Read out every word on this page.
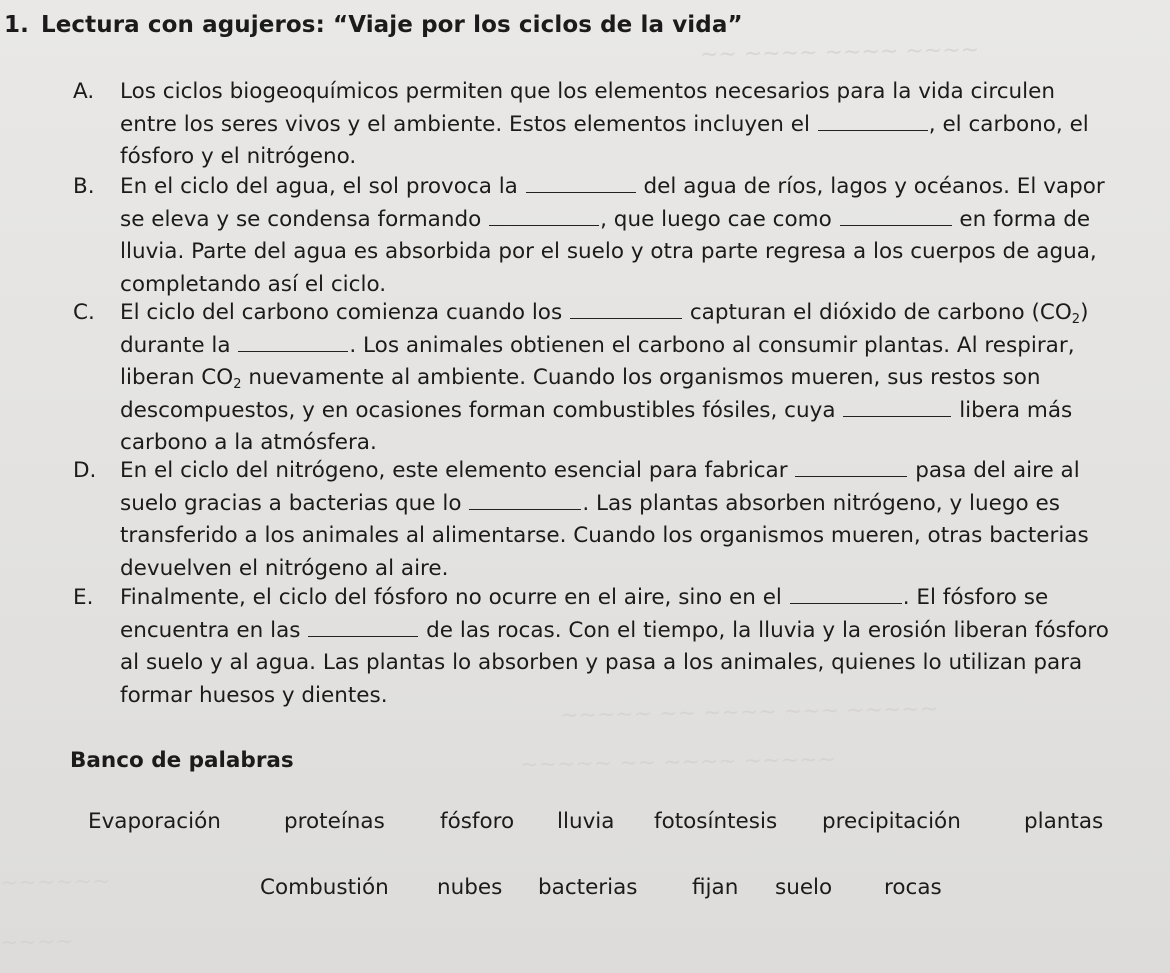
~~ ~~~~ ~~~~ ~~~~
~~~~~ ~~ ~~~~ ~~~ ~~~~~
~~~~~ ~~ ~~~~ ~~~~~
~~~~~~
~~~~
1. Lectura con agujeros: “Viaje por los ciclos de la vida”
A. Los ciclos biogeoquímicos permiten que los elementos necesarios para la vida circulen
entre los seres vivos y el ambiente. Estos elementos incluyen el	, el carbono, el
fósforo y el nitrógeno.
B. En el ciclo del agua, el sol provoca la	del agua de ríos, lagos y océanos. El vapor
se eleva y se condensa formando	, que luego cae como	en forma de
lluvia. Parte del agua es absorbida por el suelo y otra parte regresa a los cuerpos de agua,
completando así el ciclo.
C. El ciclo del carbono comienza cuando los	capturan el dióxido de carbono $(CO_2)$
durante la	. Los animales obtienen el carbono al consumir plantas. Al respirar,
liberan $CO_2$ nuevamente al ambiente. Cuando los organismos mueren, sus restos son
descompuestos, y en ocasiones forman combustibles fósiles, cuya	libera más
carbono a la atmósfera.
D. En el ciclo del nitrógeno, este elemento esencial para fabricar	pasa del aire al
suelo gracias a bacterias que lo	. Las plantas absorben nitrógeno, y luego es
transferido a los animales al alimentarse. Cuando los organismos mueren, otras bacterias
devuelven el nitrógeno al aire.
E. Finalmente, el ciclo del fósforo no ocurre en el aire, sino en el	. El fósforo se
encuentra en las	de las rocas. Con el tiempo, la lluvia y la erosión liberan fósforo
al suelo y al agua. Las plantas lo absorben y pasa a los animales, quienes lo utilizan para
formar huesos y dientes.
Banco de palabras
Evaporación	proteínas	fósforo lluvia fotosíntesis precipitación	plantas
Combustión nubes bacterias	fijan suelo rocas
